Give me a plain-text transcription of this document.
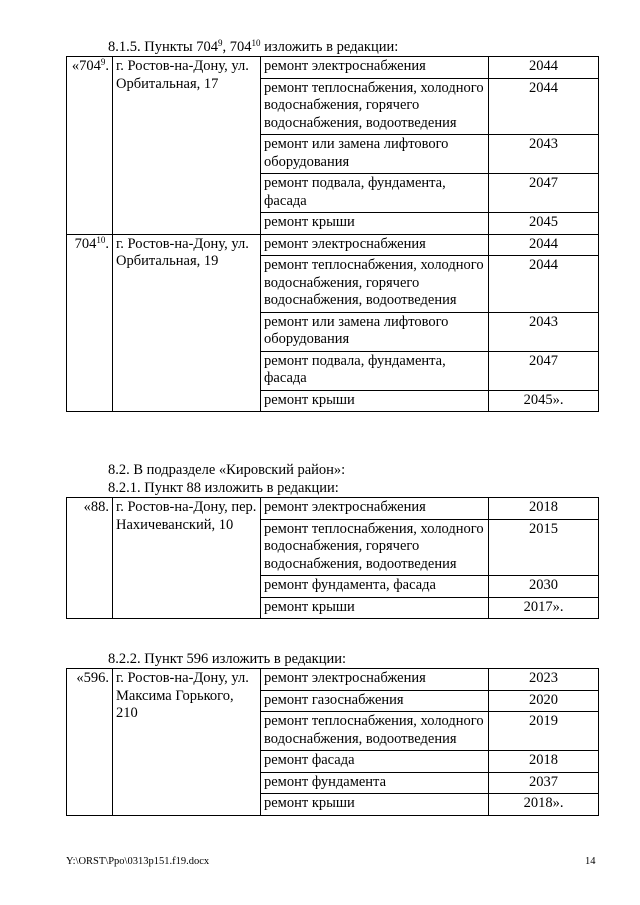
8.1.5. Пункты $704^9$, $704^{10}$ изложить в редакции:
«$704^9$.	г. Ростов-на-Дону, ул. Орбитальная, 17	ремонт электроснабжения	2044
		ремонт теплоснабжения, холодного водоснабжения, горячего водоснабжения, водоотведения	2044
		ремонт или замена лифтового оборудования	2043
		ремонт подвала, фундамента, фасада	2047
		ремонт крыши	2045
$704^{10}$.	г. Ростов-на-Дону, ул. Орбитальная, 19	ремонт электроснабжения	2044
		ремонт теплоснабжения, холодного водоснабжения, горячего водоснабжения, водоотведения	2044
		ремонт или замена лифтового оборудования	2043
		ремонт подвала, фундамента, фасада	2047
		ремонт крыши	2045».
8.2. В подразделе «Кировский район»:
8.2.1. Пункт 88 изложить в редакции:
«88.	г. Ростов-на-Дону, пер. Нахичеванский, 10	ремонт электроснабжения	2018
		ремонт теплоснабжения, холодного водоснабжения, горячего водоснабжения, водоотведения	2015
		ремонт фундамента, фасада	2030
		ремонт крыши	2017».
8.2.2. Пункт 596 изложить в редакции:
«596.	г. Ростов-на-Дону, ул. Максима Горького, 210	ремонт электроснабжения	2023
		ремонт газоснабжения	2020
		ремонт теплоснабжения, холодного водоснабжения, водоотведения	2019
		ремонт фасада	2018
		ремонт фундамента	2037
		ремонт крыши	2018».
Y:\ORST\Ppo\0313p151.f19.docx	14
